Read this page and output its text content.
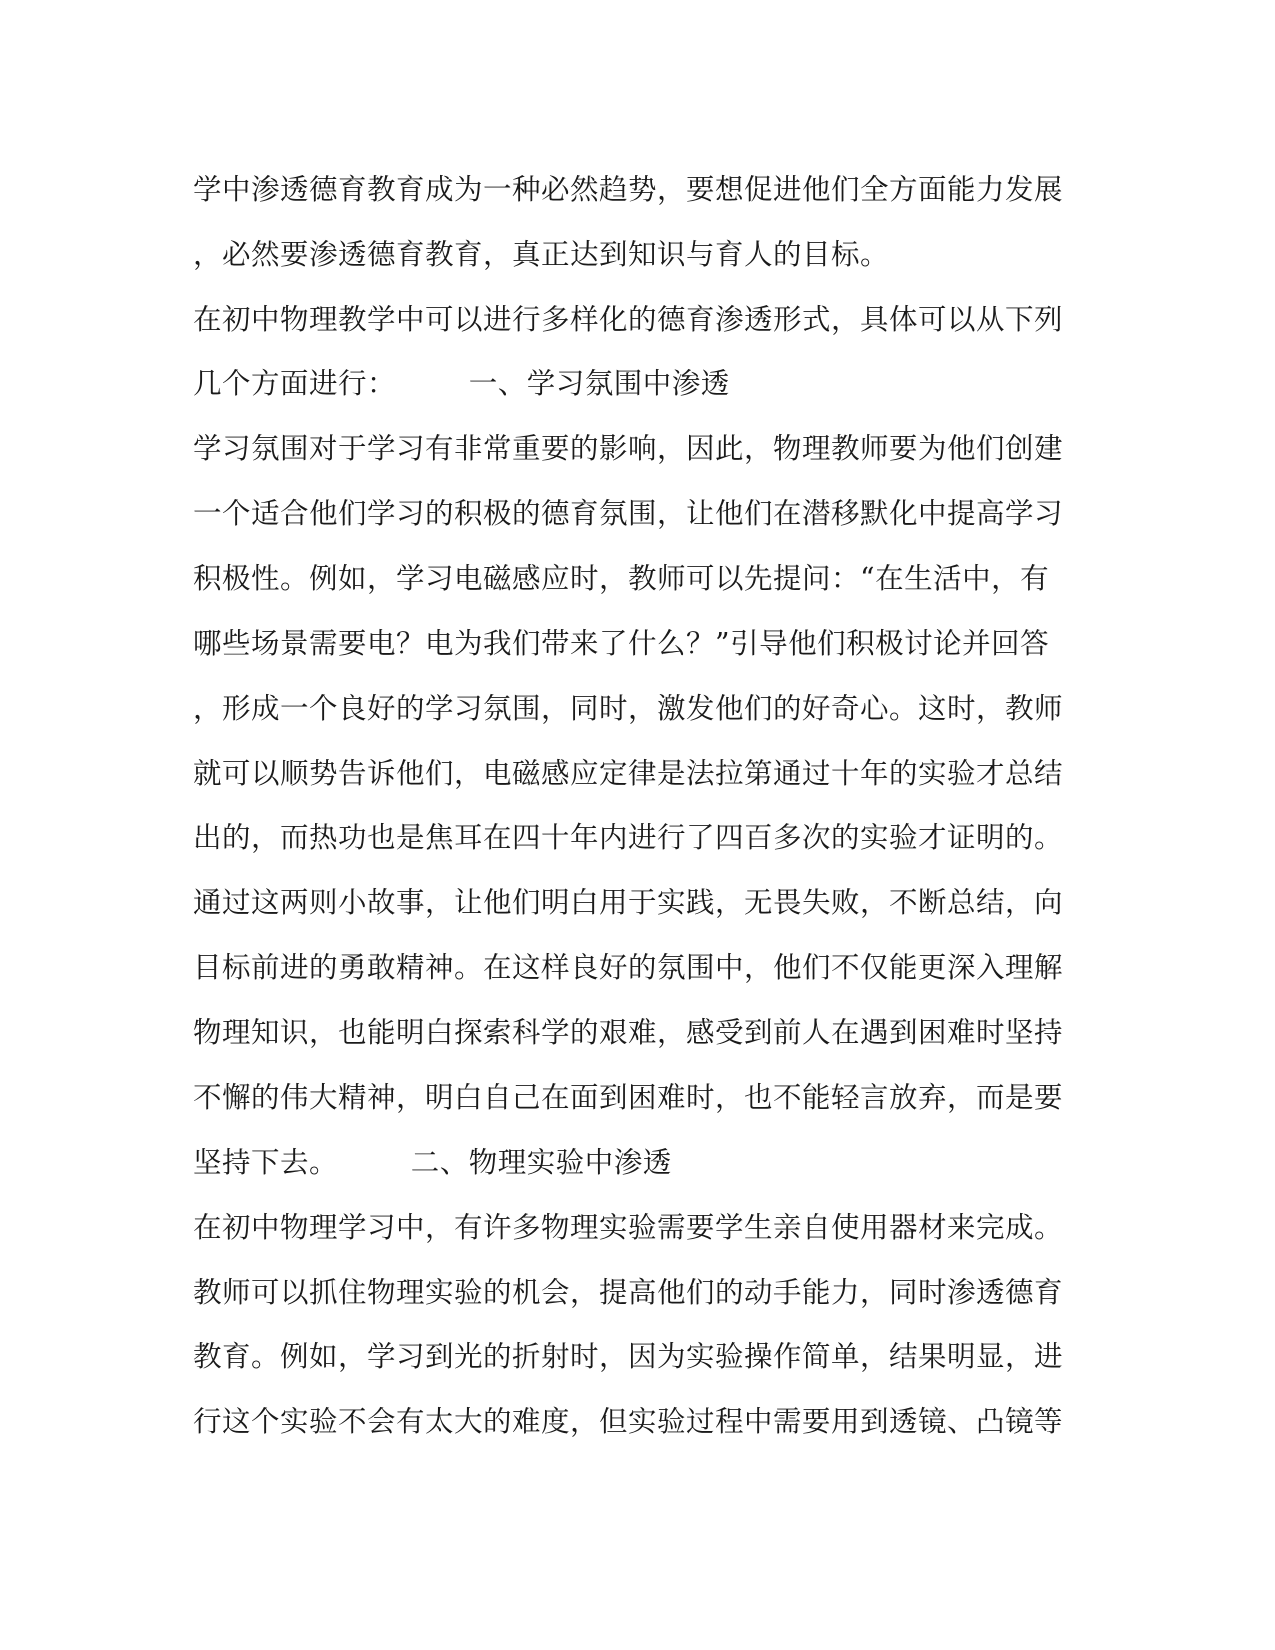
学中渗透德育教育成为一种必然趋势，要想促进他们全方面能力发展
，必然要渗透德育教育，真正达到知识与育人的目标。
在初中物理教学中可以进行多样化的德育渗透形式，具体可以从下列
几个方面进行：　　　一、学习氛围中渗透
学习氛围对于学习有非常重要的影响，因此，物理教师要为他们创建
一个适合他们学习的积极的德育氛围，让他们在潜移默化中提高学习
积极性。例如，学习电磁感应时，教师可以先提问：“在生活中，有
哪些场景需要电？电为我们带来了什么？”引导他们积极讨论并回答
，形成一个良好的学习氛围，同时，激发他们的好奇心。这时，教师
就可以顺势告诉他们，电磁感应定律是法拉第通过十年的实验才总结
出的，而热功也是焦耳在四十年内进行了四百多次的实验才证明的。
通过这两则小故事，让他们明白用于实践，无畏失败，不断总结，向
目标前进的勇敢精神。在这样良好的氛围中，他们不仅能更深入理解
物理知识，也能明白探索科学的艰难，感受到前人在遇到困难时坚持
不懈的伟大精神，明白自己在面到困难时，也不能轻言放弃，而是要
坚持下去。　　　二、物理实验中渗透
在初中物理学习中，有许多物理实验需要学生亲自使用器材来完成。
教师可以抓住物理实验的机会，提高他们的动手能力，同时渗透德育
教育。例如，学习到光的折射时，因为实验操作简单，结果明显，进
行这个实验不会有太大的难度，但实验过程中需要用到透镜、凸镜等
